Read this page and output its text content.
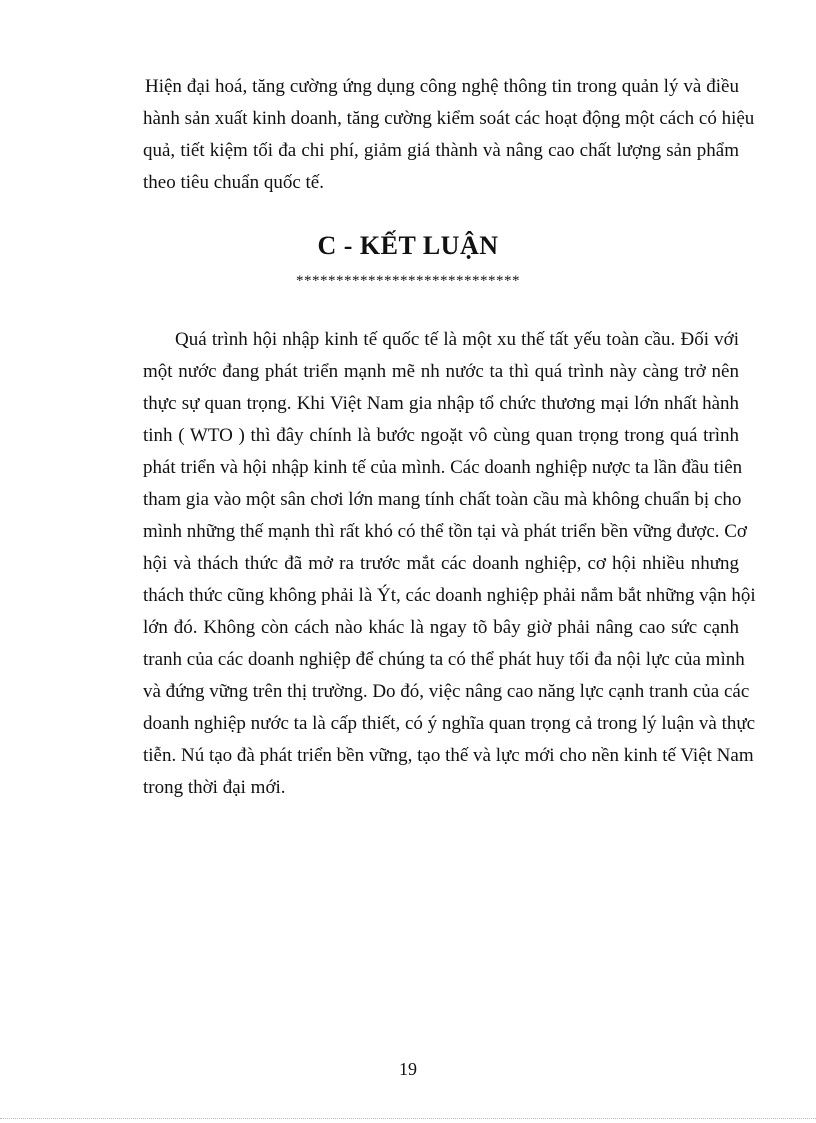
Hiện đại hoá, tăng cường ứng dụng công nghệ thông tin trong quản lý và điều
hành sản xuất kinh doanh, tăng cường kiểm soát các hoạt động một cách có hiệu
quả, tiết kiệm tối đa chi phí, giảm giá thành và nâng cao chất lượng sản phẩm
theo tiêu chuẩn quốc tế.
C - KẾT LUẬN
****************************
Quá trình hội nhập kinh tế quốc tế là một xu thế tất yếu toàn cầu. Đối với
một nước đang phát triển mạnh mẽ nh nước ta thì quá trình này càng trở nên
thực sự quan trọng. Khi Việt Nam gia nhập tổ chức thương mại lớn nhất hành
tinh ( WTO ) thì đây chính là bước ngoặt vô cùng quan trọng trong quá trình
phát triển và hội nhập kinh tế của mình. Các doanh nghiệp nược ta lần đầu tiên
tham gia vào một sân chơi lớn mang tính chất toàn cầu mà không chuẩn bị cho
mình những thế mạnh thì rất khó có thể tồn tại và phát triển bền vững được. Cơ
hội và thách thức đã mở ra trước mắt các doanh nghiệp, cơ hội nhiều nhưng
thách thức cũng không phải là Ýt, các doanh nghiệp phải nắm bắt những vận hội
lớn đó. Không còn cách nào khác là ngay tõ bây giờ phải nâng cao sức cạnh
tranh của các doanh nghiệp để chúng ta có thể phát huy tối đa nội lực của mình
và đứng vững trên thị trường. Do đó, việc nâng cao năng lực cạnh tranh của các
doanh nghiệp nước ta là cấp thiết, có ý nghĩa quan trọng cả trong lý luận và thực
tiễn. Nú tạo đà phát triển bền vững, tạo thế và lực mới cho nền kinh tế Việt Nam
trong thời đại mới.
19
